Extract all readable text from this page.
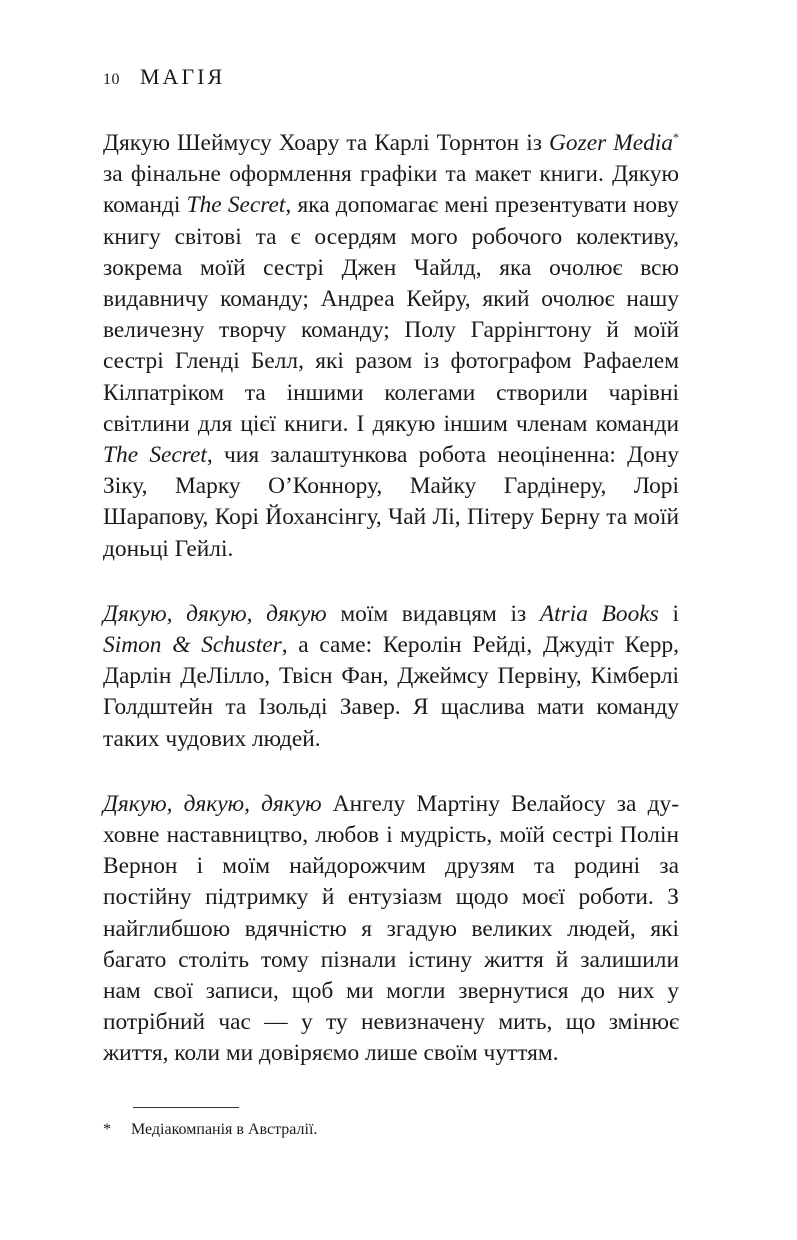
10 МАГІЯ

Дякую Шеймусу Хоару та Карлі Торнтон із Gozer Media* за фінальне оформлення графіки та макет книги. Дякую команді The Secret, яка допомагає мені презентувати нову книгу світові та є осердям мого робочого колективу, зокрема моїй сестрі Джен Чайлд, яка очолює всю видавничу команду; Андреа Кейру, який очолює нашу величезну творчу команду; Полу Гаррінгтону й моїй сестрі Гленді Белл, які разом із фотографом Рафаелем Кілпатріком та іншими колегами створили чарівні світлини для цієї книги. І дякую іншим членам команди The Secret, чия залаштункова робота неоціненна: Дону Зіку, Марку О’Коннору, Майку Гардінеру, Лорі Шарапову, Корі Йохансінгу, Чай Лі, Пітеру Берну та моїй доньці Гейлі.

Дякую, дякую, дякую моїм видавцям із Atria Books і Simon & Schuster, а саме: Керолін Рейді, Джудіт Керр, Дарлін ДеЛілло, Твісн Фан, Джеймсу Первіну, Кімберлі Голдштейн та Ізольді Завер. Я щаслива мати команду таких чудових людей.

Дякую, дякую, дякую Ангелу Мартіну Велайосу за духовне наставництво, любов і мудрість, моїй сестрі Полін Вернон і моїм найдорожчим друзям та родині за постійну підтримку й ентузіазм щодо моєї роботи. З найглибшою вдячністю я згадую великих людей, які багато століть тому пізнали істину життя й залишили нам свої записи, щоб ми могли звернутися до них у потрібний час — у ту невизначену мить, що змінює життя, коли ми довіряємо лише своїм чуттям.

* Медіакомпанія в Австралії.
